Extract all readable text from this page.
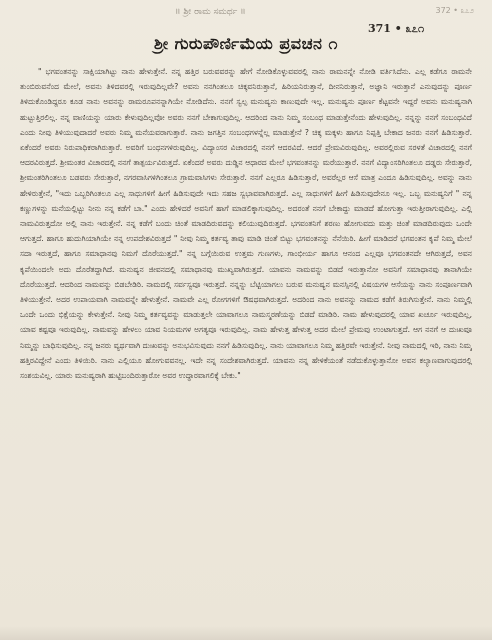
॥ ಶ್ರೀ ರಾಮ ಸಮರ್ಥ ॥	372 • ೩೭೨
371 • ೩೭೧
ಶ್ರೀ ಗುರುಪೌರ್ಣಿಮೆಯ ಪ್ರವಚನ ೧

" ಭಗವಂತನನ್ನು ಸಾಕ್ಷಿಯಾಗಿಟ್ಟು ನಾನು ಹೇಳುತ್ತೇನೆ. ನನ್ನ ಹತ್ತಿರ ಬರುವವರನ್ನು ಹೇಗೆ ನೋಡಿಕೊಳ್ಳುವವರಲ್ಲಿ ನಾನು ರಾಮನನ್ನೇ ನೋಡಿ ವರ್ತಿಸಿದೆನು. ಎಲ್ಲ ಕಡೆಗೂ ರಾಮನೇ ತುಂಬಿರುವನೆಂದ ಮೇಲೆ, ಅವನು ತಿಳಿದವರಲ್ಲಿ ಇರುವುದಿಲ್ಲವೇ? ಅವನು ನನಗಿಂತಲೂ ಚಿಕ್ಕವನಿರುತ್ತಾನೆ, ಹಿರಿಯನಿರುತ್ತಾನೆ, ದೀನನಿರುತ್ತಾನೆ, ಅಜ್ಞಾನಿ ಇರುತ್ತಾನೆ ಎನುವುದನ್ನು ಪೂರ್ಣ ತಿಳಿದುಕೊಂಡಿದ್ದರೂ ಕೂಡ ನಾನು ಅವನನ್ನು ರಾಮರೂಪನನ್ನಾಗಿಯೇ ನೋಡಿದೆನು. ನನಗೆ ಸ್ವಲ್ಪ ಮನುಷ್ಯನು ಕಾಣುವುದೇ ಇಲ್ಲ. ಮನುಷ್ಯನು ಪೂರ್ಣ ಕೆಟ್ಟವನೇ ಇದ್ದರೆ ಅವನು ಮನುಷ್ಯನಾಗಿ ಹುಟ್ಟುತ್ತಿರಲಿಲ್ಲ. ನನ್ನ ವಾಣಿಯನ್ನು ಯಾರು ಕೇಳುವುದಿಲ್ಲವೋ ಅವರು ನನಗೆ ಬೇಕಾಗುವುದಿಲ್ಲ. ಆದರಿಂದ ನಾನು ನಿಮ್ಮ ಸಂಬಂಧ ಮಾಡುತ್ತೇನೆಂದು ಹೇಳುವುದಿಲ್ಲ. ನನ್ನನ್ನು ನನಗೆ ಸಂಬಂಧವಿದೆ ಎಂದು ನೀವು ತಿಳಿಯುವುದಾದರೆ ಅವರು ನಿಮ್ಮ ಮನೆಯವರಾಗುತ್ತಾರೆ. ನಾನು ಜಗತ್ತಿನ ಸಂಬಂಧಗಳನ್ನೆಲ್ಲ ಮಾಡುತ್ತೇನೆ ? ಚಿಕ್ಕ ಮಕ್ಕಳು ಹಾಗೂ ನಿಪ್ಪತ್ತಿ ಬೇಕಾದ ಜನರು ನನಗೆ ಹಿಡಿಸುತ್ತಾರೆ. ಏಕೆಂದರೆ ಅವರು ನಿರುಪಾಧಿಕರಾಗಿರುತ್ತಾರೆ. ಅವರಿಗೆ ಬಂಧನಗಳಿರುವುದಿಲ್ಲ. ವಿದ್ಯಾಂಸರ ವಿಚಾರದಲ್ಲಿ ನನಗೆ ಆದರವಿದೆ. ಆದರೆ ಪ್ರೇಮವಿರುವುದಿಲ್ಲ. ಅವರಲ್ಲಿರುವ ಸರಳತೆ ವಿಚಾರದಲ್ಲಿ ನನಗೆ ಆದರವಿರುತ್ತದೆ. ಶ್ರೀಮಂತರ ವಿಚಾರದಲ್ಲಿ ನನಗೆ ತಾತ್ಪರ್ಯವಿರುತ್ತದೆ. ಏಕೆಂದರೆ ಅವರು ದುಡ್ಡಿನ ಆಧಾರದ ಮೇಲೆ ಭಗವಂತನನ್ನು ಮರೆಯುತ್ತಾರೆ. ನನಗೆ ವಿದ್ಯಾಂಸರಿಗಿಂತಲೂ ದಡ್ಡರು ಸೇರುತ್ತಾರೆ, ಶ್ರೀಮಂತರಿಗಿಂತಲೂ ಬಡವರು ಸೇರುತ್ತಾರೆ, ನಗರವಾಸಿಗಳಿಗಿಂತಲೂ ಗ್ರಾಮವಾಸಿಗಳು ಸೇರುತ್ತಾರೆ. ನನಗೆ ಎಲ್ಲರೂ ಹಿಡಿಸುತ್ತಾರೆ, ಅವರೆಲ್ಲರ ಆಸೆ ಮಾತ್ರ ಎಂದೂ ಹಿಡಿಸುವುದಿಲ್ಲ. ಅವನ್ನು ನಾನು ಹೇಳಿರುತ್ತೇನೆ, "ಇದು ಒಬ್ಬರಿಗಿಂತಲೂ ಎಲ್ಲ ಸಾಧುಗಳಿಗೆ ಹೀಗೆ ಹಿಡಿಸುವುದೇ ಇದು ಸಹಜ ಸ್ವಭಾವವಾಗಿರುತ್ತದೆ. ಎಲ್ಲ ಸಾಧುಗಳಿಗೆ ಹೀಗೆ ಹಿಡಿಸುವುದೇನೂ ಇಲ್ಲ. ಒಬ್ಬ ಮನುಷ್ಯನಿಗೆ " ನನ್ನ ಕಣ್ಣುಗಳನ್ನು ಮನೆಯಲ್ಲಿಟ್ಟು ನೀನು ನನ್ನ ಕಡೆಗೆ ಬಾ." ಎಂದು ಹೇಳಿದರೆ ಅವನಿಗೆ ಹಾಗೆ ಮಾಡಲಿಕ್ಕಾಗುವುದಿಲ್ಲ. ಅದರಂತೆ ನನಗೆ ಬೇಕಾದ್ದು ಮಾಡದೆ ಹೋಗುತ್ತಾ ಇರುತ್ತೀರಾಗುವುದಿಲ್ಲ. ಎಲ್ಲಿ ನಾಮವಿರುತ್ತದೋ ಅಲ್ಲಿ ನಾನು ಇರುತ್ತೇನೆ. ನನ್ನ ಕಡೆಗೆ ಬಂದು ಚಿಂತೆ ಮಾಡದಿರುವದನ್ನು ಕಲಿಯುವುದಿರುತ್ತದೆ. ಭಗವಂತನಿಗೆ ಶರಣು ಹೋಗುವದು ಮತ್ತು ಚಿಂತೆ ಮಾಡದಿರುವುದು ಒಂದೇ ಆಗುತ್ತದೆ. ಹಾಗೂ ಹುದುಗಿಯಾಗಿಯೇ ನನ್ನ ಉಪದೇಶವಿರುತ್ತದೆ " ನೀವು ನಿಮ್ಮ ಕರ್ತವ್ಯ ತಾವು ಮಾಡಿ ಚಿಂತೆ ಬಿಟ್ಟು ಭಗವಂತನನ್ನು ನೆನೆಯಿರಿ. ಹೀಗೆ ಮಾಡಿದರೆ ಭಗವಂತನ ಕೃಪೆ ನಿಮ್ಮ ಮೇಲೆ ಸದಾ ಇರುತ್ತದೆ, ಹಾಗೂ ಸಮಾಧಾನವು ನಿಮಗೆ ದೊರೆಯುತ್ತದೆ." ನನ್ನ ಬಗ್ಗೆಯಿರುವ ಉತ್ತಮ ಗುಣಗಳು, ಗಾಂಭೀರ್ಯ ಹಾಗೂ ಆನಂದ ಎಲ್ಲವೂ ಭಗವಂತನದೇ ಆಗಿರುತ್ತದೆ, ಅವನ ಕೃಪೆಯಿಂದಲೇ ಅದು ದೊರೆತದ್ದಾಗಿದೆ. ಮನುಷ್ಯನ ಜೀವನದಲ್ಲಿ ಸಮಾಧಾನವು ಮುಖ್ಯವಾಗಿರುತ್ತದೆ. ಯಾವನು ನಾಮವನ್ನು ಬಿಡದೆ ಇರುತ್ತಾನೋ ಅವನಿಗೆ ಸಮಾಧಾನವು ತಾನಾಗಿಯೇ ದೊರೆಯುತ್ತದೆ. ಆದರಿಂದ ನಾಮವನ್ನು ಬಿಡಬೇಡಿರಿ. ನಾಮದಲ್ಲಿ ಸರ್ವಸ್ವವೂ ಇರುತ್ತದೆ. ನನ್ನನ್ನು ಬೆಟ್ಟಿಯಾಗಲು ಬರುವ ಮನುಷ್ಯನ ಮನಸ್ಸಿನಲ್ಲಿ ವಿಷಯಗಳ ಆಸೆಯನ್ನು ನಾನು ಸಂಪೂರ್ಣವಾಗಿ ತಿಳಿಯುತ್ತೇನೆ. ಅದರ ಉಪಾಯವಾಗಿ ನಾಮವನ್ನೇ ಹೇಳುತ್ತೇನೆ. ನಾಮವೇ ಎಲ್ಲ ರೋಗಗಳಿಗೆ ಔಷಧವಾಗಿರುತ್ತದೆ. ಅದರಿಂದ ನಾನು ಅವನನ್ನು ನಾಮದ ಕಡೆಗೆ ತಿರುಗಿಸುತ್ತೇನೆ. ನಾನು ನಿಮ್ಮಲ್ಲಿ ಒಂದೇ ಒಂದು ಭಿಕ್ಷೆಯನ್ನು ಕೇಳುತ್ತೇನೆ. ನೀವು ನಿಮ್ಮ ಕರ್ತವ್ಯವನ್ನು ಮಾಡುತ್ತಲೇ ಯಾವಾಗಲೂ ನಾಮಸ್ಮರಣೆಯನ್ನು ಬಿಡದೆ ಮಾಡಿರಿ. ನಾಮ ಹೇಳುವುದರಲ್ಲಿ ಯಾವ ಖರ್ಚೂ ಇರುವುದಿಲ್ಲ, ಯಾವ ಕಷ್ಟವೂ ಇರುವುದಿಲ್ಲ. ನಾಮವನ್ನು ಹೇಳಲು ಯಾವ ನಿಯಮಗಳ ಅಗತ್ಯವೂ ಇರುವುದಿಲ್ಲ. ನಾಮ ಹೇಳುತ್ತ ಹೇಳುತ್ತ ಅದರ ಮೇಲೆ ಪ್ರೇಮವು ಉಂಟಾಗುತ್ತದೆ. ಆಗ ನನಗೆ ಆ ದುಃಖವೂ ನಿಮ್ಮನ್ನು ಬಾಧಿಸುವುದಿಲ್ಲ. ನನ್ನ ಜನರು ವ್ಯರ್ಥವಾಗಿ ದುಃಖವನ್ನು ಅನುಭವಿಸುವುದು ನನಗೆ ಹಿಡಿಸುವುದಿಲ್ಲ. ನಾನು ಯಾವಾಗಲೂ ನಿಮ್ಮ ಹತ್ತಿರವೇ ಇರುತ್ತೇನೆ. ನೀವು ನಾಮದಲ್ಲಿ ಇರಿ, ನಾನು ನಿಮ್ಮ ಹತ್ತಿರವಿದ್ದೇನೆ ಎಂದು ತಿಳಿಯಿರಿ. ನಾನು ಎಲ್ಲಿಯೂ ಹೋಗುವವನಲ್ಲ. ಇದೇ ನನ್ನ ಸಂದೇಶವಾಗಿರುತ್ತದೆ. ಯಾವನು ನನ್ನ ಹೇಳಿಕೆಯಂತೆ ನಡೆದುಕೊಳ್ಳುತ್ತಾನೋ ಅವನ ಕಲ್ಯಾಣವಾಗುವುದರಲ್ಲಿ ಸಂಶಯವಿಲ್ಲ. ಯಾರು ಮನುಷ್ಯರಾಗಿ ಹುಟ್ಟಿಬಂದಿರುತ್ತಾರೋ ಅವರ ಉದ್ಧಾರವಾಗಲಿಕ್ಕೆ ಬೇಕು."
